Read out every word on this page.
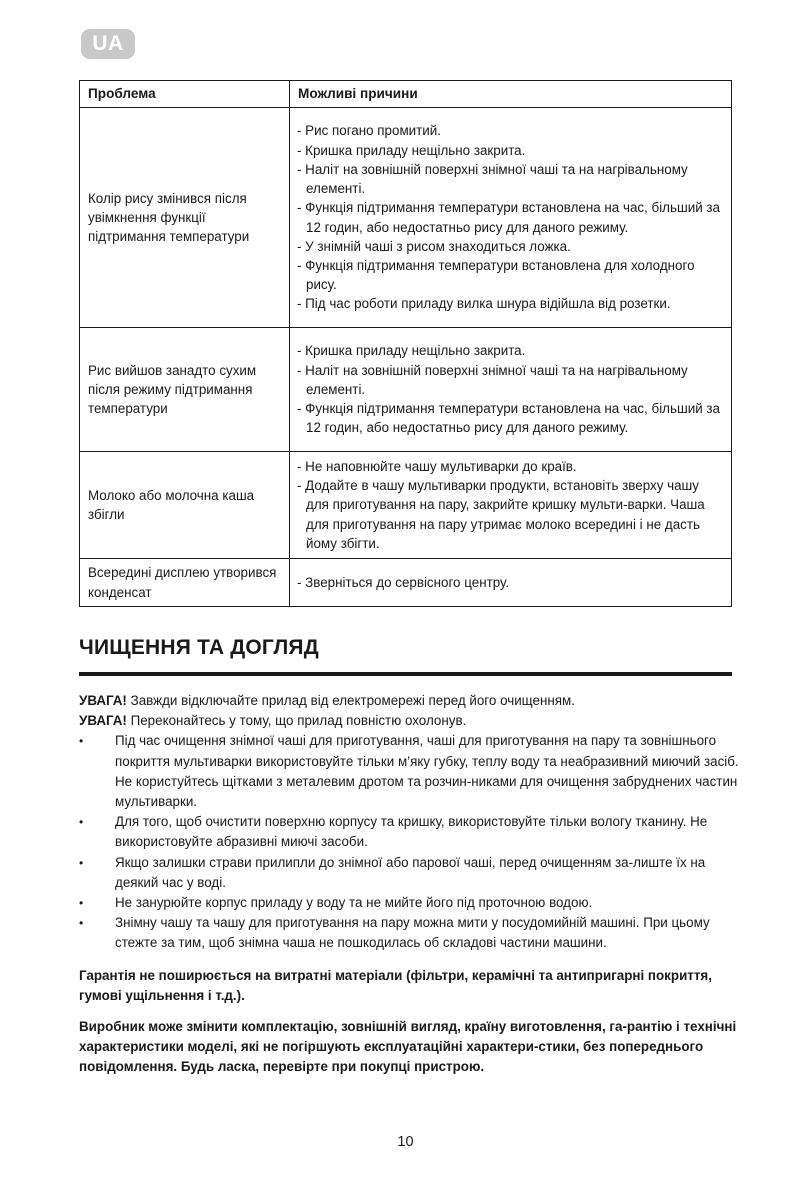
UA
Проблема	Можливі причини
Колір рису змінився після увімкнення функції підтримання температури	
- Рис погано промитий.
- Кришка приладу нещільно закрита.
- Наліт на зовнішній поверхні знімної чаші та на нагрівальному елементі.
- Функція підтримання температури встановлена на час, більший за 12 годин, або недостатньо рису для даного режиму.
- У знімній чаші з рисом знаходиться ложка.
- Функція підтримання температури встановлена для холодного рису.
- Під час роботи приладу вилка шнура відійшла від розетки.

Рис вийшов занадто сухим після режиму підтримання температури	- Кришка приладу нещільно закрита.
- Наліт на зовнішній поверхні знімної чаші та на нагрівальному елементі.
- Функція підтримання температури встановлена на час, більший за 12 годин, або недостатньо рису для даного режиму.

Молоко або молочна каша збігли	- Не наповнюйте чашу мультиварки до країв.
- Додайте в чашу мультиварки продукти, встановіть зверху чашу для приготування на пару, закрийте кришку мульти-варки. Чаша для приготування на пару утримає молоко всередині і не дасть йому збігти.

Всередині дисплею утворився конденсат	- Зверніться до сервісного центру.
ЧИЩЕННЯ ТА ДОГЛЯД
УВАГА! Завжди відключайте прилад від електромережі перед його очищенням.
УВАГА! Переконайтесь у тому, що прилад повністю охолонув.
•	Під час очищення знімної чаші для приготування, чаші для приготування на пару та зовнішнього покриття мультиварки використовуйте тільки м’яку губку, теплу воду та неабразивний миючий засіб. Не користуйтесь щітками з металевим дротом та розчин-никами для очищення забруднених частин мультиварки.
•	Для того, щоб очистити поверхню корпусу та кришку, використовуйте тільки вологу тканину. Не використовуйте абразивні миючі засоби.
•	Якщо залишки страви прилипли до знімної або парової чаші, перед очищенням за-лиште їх на деякий час у воді.
•	Не занурюйте корпус приладу у воду та не мийте його під проточною водою.
•	Знімну чашу та чашу для приготування на пару можна мити у посудомийній машині. При цьому стежте за тим, щоб знімна чаша не пошкодилась об складові частини машини.
Гарантія не поширюється на витратні матеріали (фільтри, керамічні та антипригарні покриття, гумові ущільнення і т.д.).
Виробник може змінити комплектацію, зовнішній вигляд, країну виготовлення, га-рантію і технічні характеристики моделі, які не погіршують експлуатаційні характери-стики, без попереднього повідомлення. Будь ласка, перевірте при покупці пристрою.
10
